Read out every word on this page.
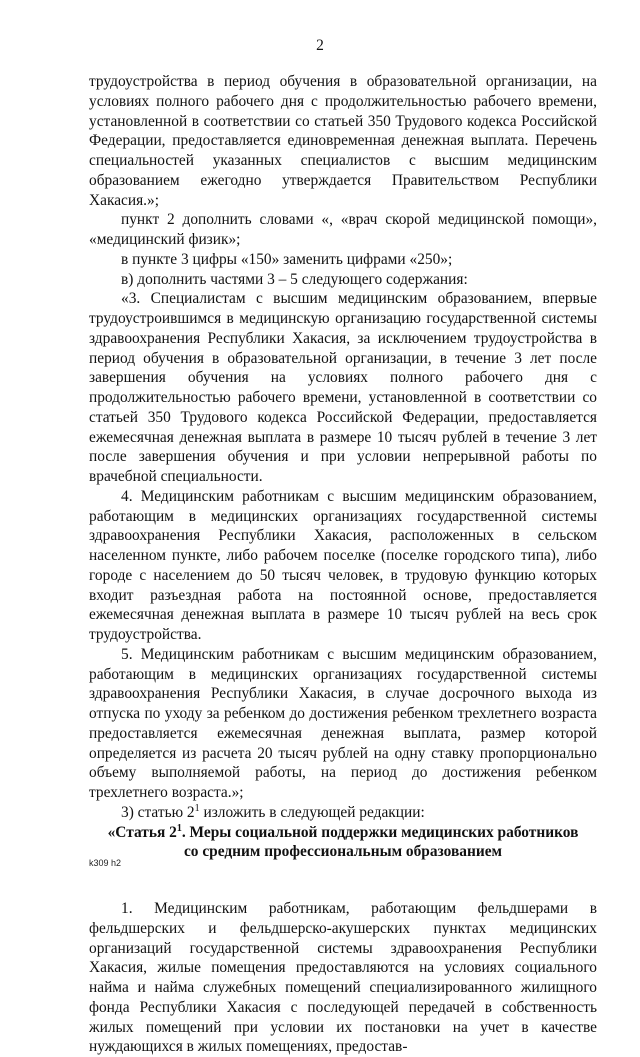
2

трудоустройства в период обучения в образовательной организации, на условиях полного рабочего дня с продолжительностью рабочего времени, установленной в соответствии со статьей 350 Трудового кодекса Российской Федерации, предоставляется единовременная денежная выплата. Перечень специальностей указанных специалистов с высшим медицинским образованием ежегодно утверждается Правительством Республики Хакасия.»;

пункт 2 дополнить словами «, «врач скорой медицинской помощи», «медицинский физик»;

в пункте 3 цифры «150» заменить цифрами «250»;

в) дополнить частями 3 – 5 следующего содержания:

«3. Специалистам с высшим медицинским образованием, впервые трудоустроившимся в медицинскую организацию государственной системы здравоохранения Республики Хакасия, за исключением трудоустройства в период обучения в образовательной организации, в течение 3 лет после завершения обучения на условиях полного рабочего дня с продолжительностью рабочего времени, установленной в соответствии со статьей 350 Трудового кодекса Российской Федерации, предоставляется ежемесячная денежная выплата в размере 10 тысяч рублей в течение 3 лет после завершения обучения и при условии непрерывной работы по врачебной специальности.

4. Медицинским работникам с высшим медицинским образованием, работающим в медицинских организациях государственной системы здравоохранения Республики Хакасия, расположенных в сельском населенном пункте, либо рабочем поселке (поселке городского типа), либо городе с населением до 50 тысяч человек, в трудовую функцию которых входит разъездная работа на постоянной основе, предоставляется ежемесячная денежная выплата в размере 10 тысяч рублей на весь срок трудоустройства.

5. Медицинским работникам с высшим медицинским образованием, работающим в медицинских организациях государственной системы здравоохранения Республики Хакасия, в случае досрочного выхода из отпуска по уходу за ребенком до достижения ребенком трехлетнего возраста предоставляется ежемесячная денежная выплата, размер которой определяется из расчета 20 тысяч рублей на одну ставку пропорционально объему выполняемой работы, на период до достижения ребенком трехлетнего возраста.»;

3) статью $2^1$ изложить в следующей редакции:

«Статья $2^1$. Меры социальной поддержки медицинских работников

со средним профессиональным образованием

1. Медицинским работникам, работающим фельдшерами в фельдшерских и фельдшерско-акушерских пунктах медицинских организаций государственной системы здравоохранения Республики Хакасия, жилые помещения предоставляются на условиях социального найма и найма служебных помещений специализированного жилищного фонда Республики Хакасия с последующей передачей в собственность жилых помещений при условии их постановки на учет в качестве нуждающихся в жилых помещениях, предостав-

k309 h2
